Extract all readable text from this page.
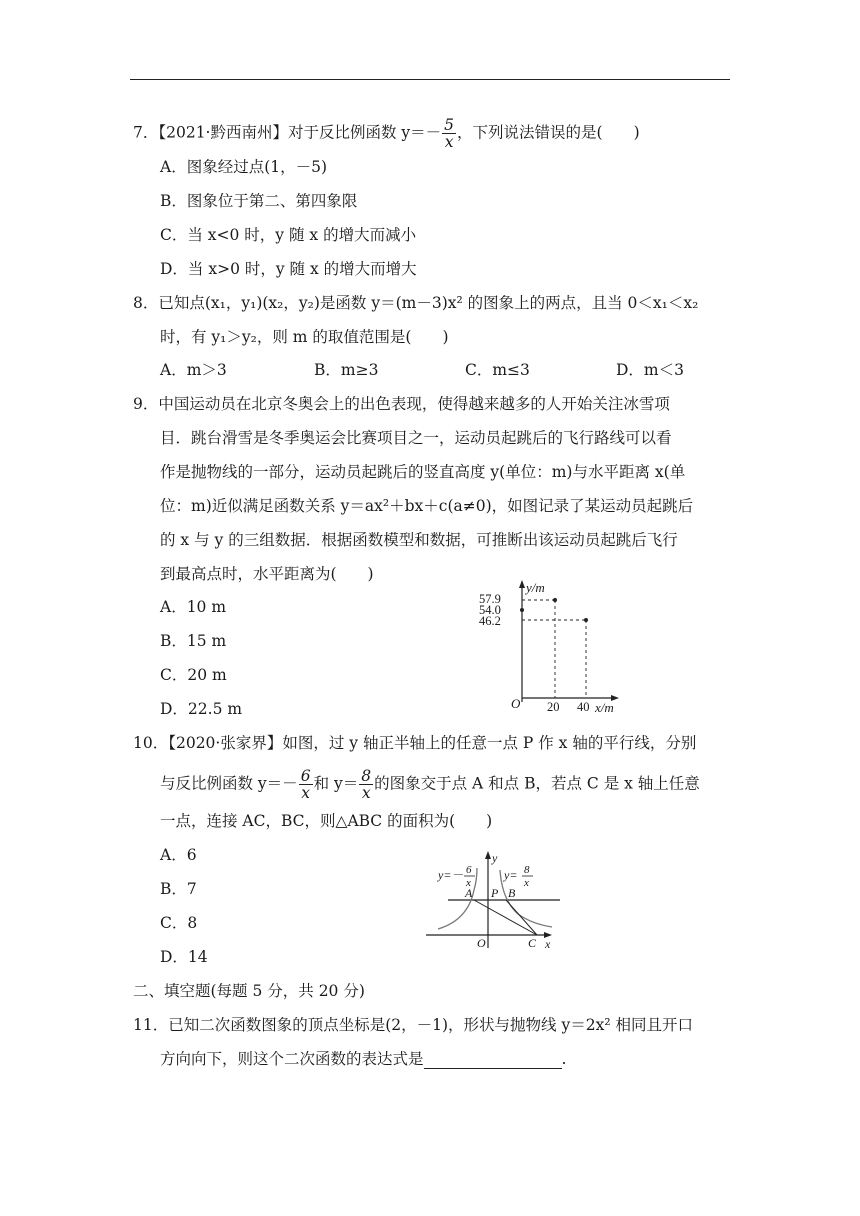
7．【2021·黔西南州】对于反比例函数 $y=- \frac{5}{x}$ ，下列说法错误的是(　　)
A．图象经过点(1，－5)
B．图象位于第二、第四象限
C．当 x<0 时，y 随 x 的增大而减小
D．当 x>0 时，y 随 x 的增大而增大
8．已知点(x₁，y₁)(x₂，y₂)是函数 y＝(m－3)x² 的图象上的两点，且当 0＜x₁＜x₂
时，有 y₁＞y₂，则 m 的取值范围是(　　)
A．m＞3	B．m≥3	C．m≤3	D．m＜3
9．中国运动员在北京冬奥会上的出色表现，使得越来越多的人开始关注冰雪项
目．跳台滑雪是冬季奥运会比赛项目之一，运动员起跳后的飞行路线可以看
作是抛物线的一部分，运动员起跳后的竖直高度 y(单位：m)与水平距离 x(单
位：m)近似满足函数关系 y＝ax²＋bx＋c(a≠0)，如图记录了某运动员起跳后
的 x 与 y 的三组数据．根据函数模型和数据，可推断出该运动员起跳后飞行
到最高点时，水平距离为(　　)
A．10 m
B．15 m
C．20 m
D．22.5 m
y/m
57.9
54.0
46.2
O 20 40 x/m
10．【2020·张家界】如图，过 y 轴正半轴上的任意一点 P 作 x 轴的平行线，分别
与反比例函数 $y=- \frac{6}{x}$ 和 $y= \frac{8}{x}$ 的图象交于点 A 和点 B，若点 C 是 x 轴上任意
一点，连接 AC，BC，则△ABC 的面积为(　　)
A．6
B．7
C．8
D．14
y=－ 6
x
y= 8
x
y
x
A P B
O	C
二、填空题(每题 5 分，共 20 分)
11．已知二次函数图象的顶点坐标是(2，－1)，形状与抛物线 y＝2x² 相同且开口
方向向下，则这个二次函数的表达式是	.
